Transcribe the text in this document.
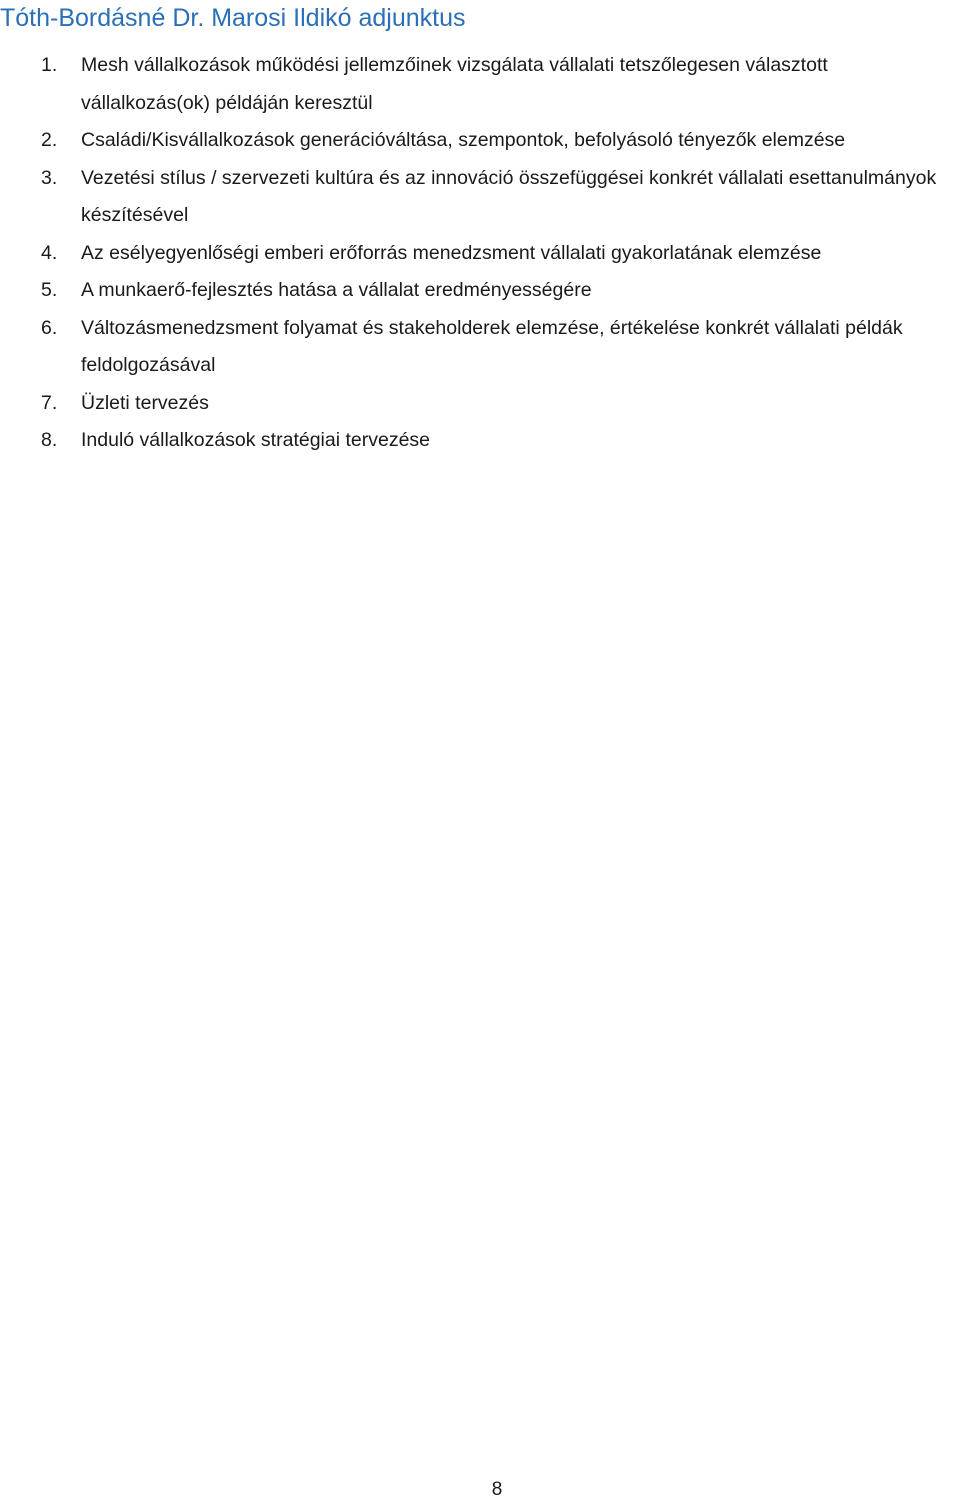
Tóth-Bordásné Dr. Marosi Ildikó adjunktus
1.	Mesh vállalkozások működési jellemzőinek vizsgálata vállalati tetszőlegesen választott vállalkozás(ok) példáján keresztül
2.	Családi/Kisvállalkozások generációváltása, szempontok, befolyásoló tényezők elemzése
3.	Vezetési stílus / szervezeti kultúra és az innováció összefüggései konkrét vállalati esettanulmányok készítésével
4.	Az esélyegyenlőségi emberi erőforrás menedzsment vállalati gyakorlatának elemzése
5.	A munkaerő-fejlesztés hatása a vállalat eredményességére
6.	Változásmenedzsment folyamat és stakeholderek elemzése, értékelése konkrét vállalati példák feldolgozásával
7.	Üzleti tervezés
8.	Induló vállalkozások stratégiai tervezése
8
